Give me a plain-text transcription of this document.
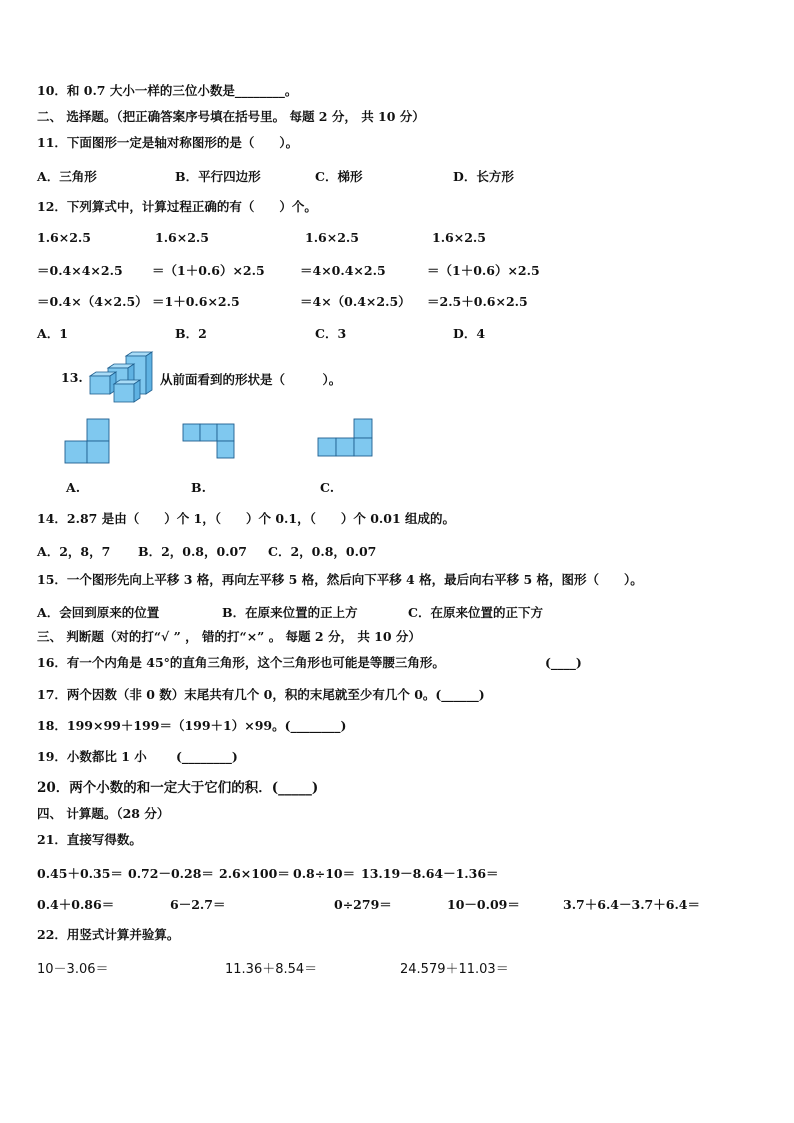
10．和 0.7 大小一样的三位小数是________。
二、 选择题。（把正确答案序号填在括号里。 每题 2 分， 共 10 分）
11．下面图形一定是轴对称图形的是（　　）。
A．三角形	B．平行四边形	C．梯形	D．长方形
12．下列算式中，计算过程正确的有（　　）个。
1.6×2.5	1.6×2.5	1.6×2.5	1.6×2.5
＝0.4×4×2.5 ＝（1＋0.6）×2.5	＝4×0.4×2.5	＝（1＋0.6）×2.5
＝0.4×（4×2.5） ＝1＋0.6×2.5	＝4×（0.4×2.5） ＝2.5＋0.6×2.5
A．1	B．2	C．3	D．4
13.	从前面看到的形状是（　　　）。
A.	B.	C.
14．2.87 是由（　　）个 1，（　　）个 0.1，（　　）个 0.01 组成的。
A．2，8，7 B．2，0.8，0.07 C．2，0.8，0.07
15．一个图形先向上平移 3 格，再向左平移 5 格，然后向下平移 4 格，最后向右平移 5 格，图形（　　）。
A．会回到原来的位置	B．在原来位置的正上方	C．在原来位置的正下方
三、 判断题（对的打“√ ” ， 错的打“×” 。 每题 2 分， 共 10 分）
16．有一个内角是 45°的直角三角形，这个三角形也可能是等腰三角形。	(____)
17．两个因数（非 0 数）末尾共有几个 0，积的末尾就至少有几个 0。(______)
18．199×99＋199＝（199＋1）×99。(________)
19．小数都比 1 小 (________)
20．两个小数的和一定大于它们的积．(_____)
四、 计算题。（28 分）
21．直接写得数。
0.45＋0.35＝ 0.72－0.28＝ 2.6×100＝ 0.8÷10＝ 13.19－8.64－1.36＝
0.4＋0.86＝	6－2.7＝	0÷279＝	10－0.09＝	3.7＋6.4－3.7＋6.4＝
22．用竖式计算并验算。
10－3.06＝	11.36＋8.54＝	24.579＋11.03＝
